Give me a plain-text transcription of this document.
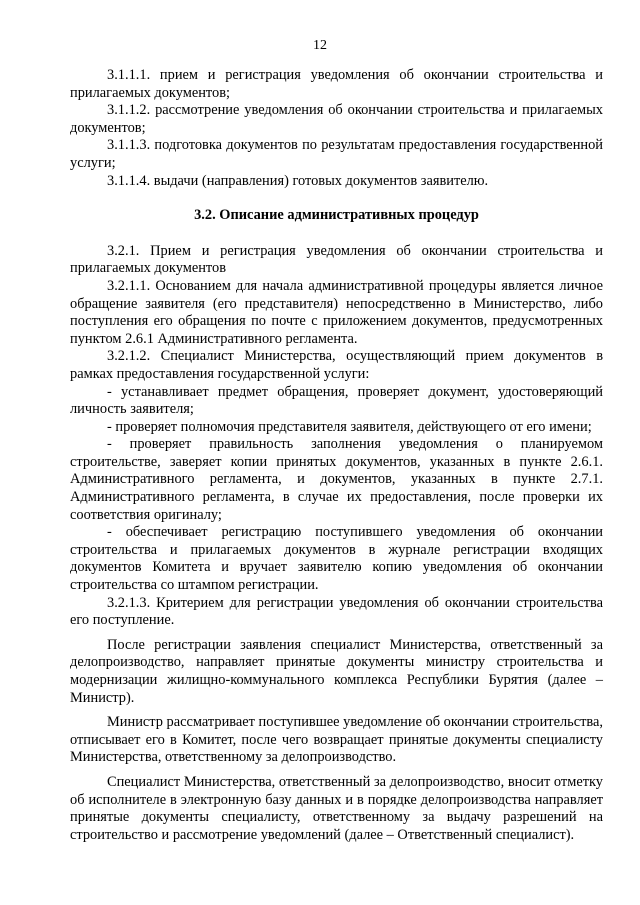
12

3.1.1.1. прием и регистрация уведомления об окончании строительства и прилагаемых документов;

3.1.1.2. рассмотрение уведомления об окончании строительства и прилагаемых документов;

3.1.1.3. подготовка документов по результатам предоставления государственной услуги;

3.1.1.4. выдачи (направления) готовых документов заявителю.

3.2. Описание административных процедур

3.2.1. Прием и регистрация уведомления об окончании строительства и прилагаемых документов

3.2.1.1. Основанием для начала административной процедуры является личное обращение заявителя (его представителя) непосредственно в Министерство, либо поступления его обращения по почте с приложением документов, предусмотренных пунктом 2.6.1 Административного регламента.

3.2.1.2. Специалист Министерства, осуществляющий прием документов в рамках предоставления государственной услуги:

- устанавливает предмет обращения, проверяет документ, удостоверяющий личность заявителя;

- проверяет полномочия представителя заявителя, действующего от его имени;

- проверяет правильность заполнения уведомления о планируемом строительстве, заверяет копии принятых документов, указанных в пункте 2.6.1. Административного регламента, и документов, указанных в пункте 2.7.1. Административного регламента, в случае их предоставления, после проверки их соответствия оригиналу;

- обеспечивает регистрацию поступившего уведомления об окончании строительства и прилагаемых документов в журнале регистрации входящих документов Комитета и вручает заявителю копию уведомления об окончании строительства со штампом регистрации.

3.2.1.3. Критерием для регистрации уведомления об окончании строительства его поступление.

После регистрации заявления специалист Министерства, ответственный за делопроизводство, направляет принятые документы министру строительства и модернизации жилищно-коммунального комплекса Республики Бурятия (далее – Министр).

Министр рассматривает поступившее уведомление об окончании строительства, отписывает его в Комитет, после чего возвращает принятые документы специалисту Министерства, ответственному за делопроизводство.

Специалист Министерства, ответственный за делопроизводство, вносит отметку об исполнителе в электронную базу данных и в порядке делопроизводства направляет принятые документы специалисту, ответственному за выдачу разрешений на строительство и рассмотрение уведомлений (далее – Ответственный специалист).
